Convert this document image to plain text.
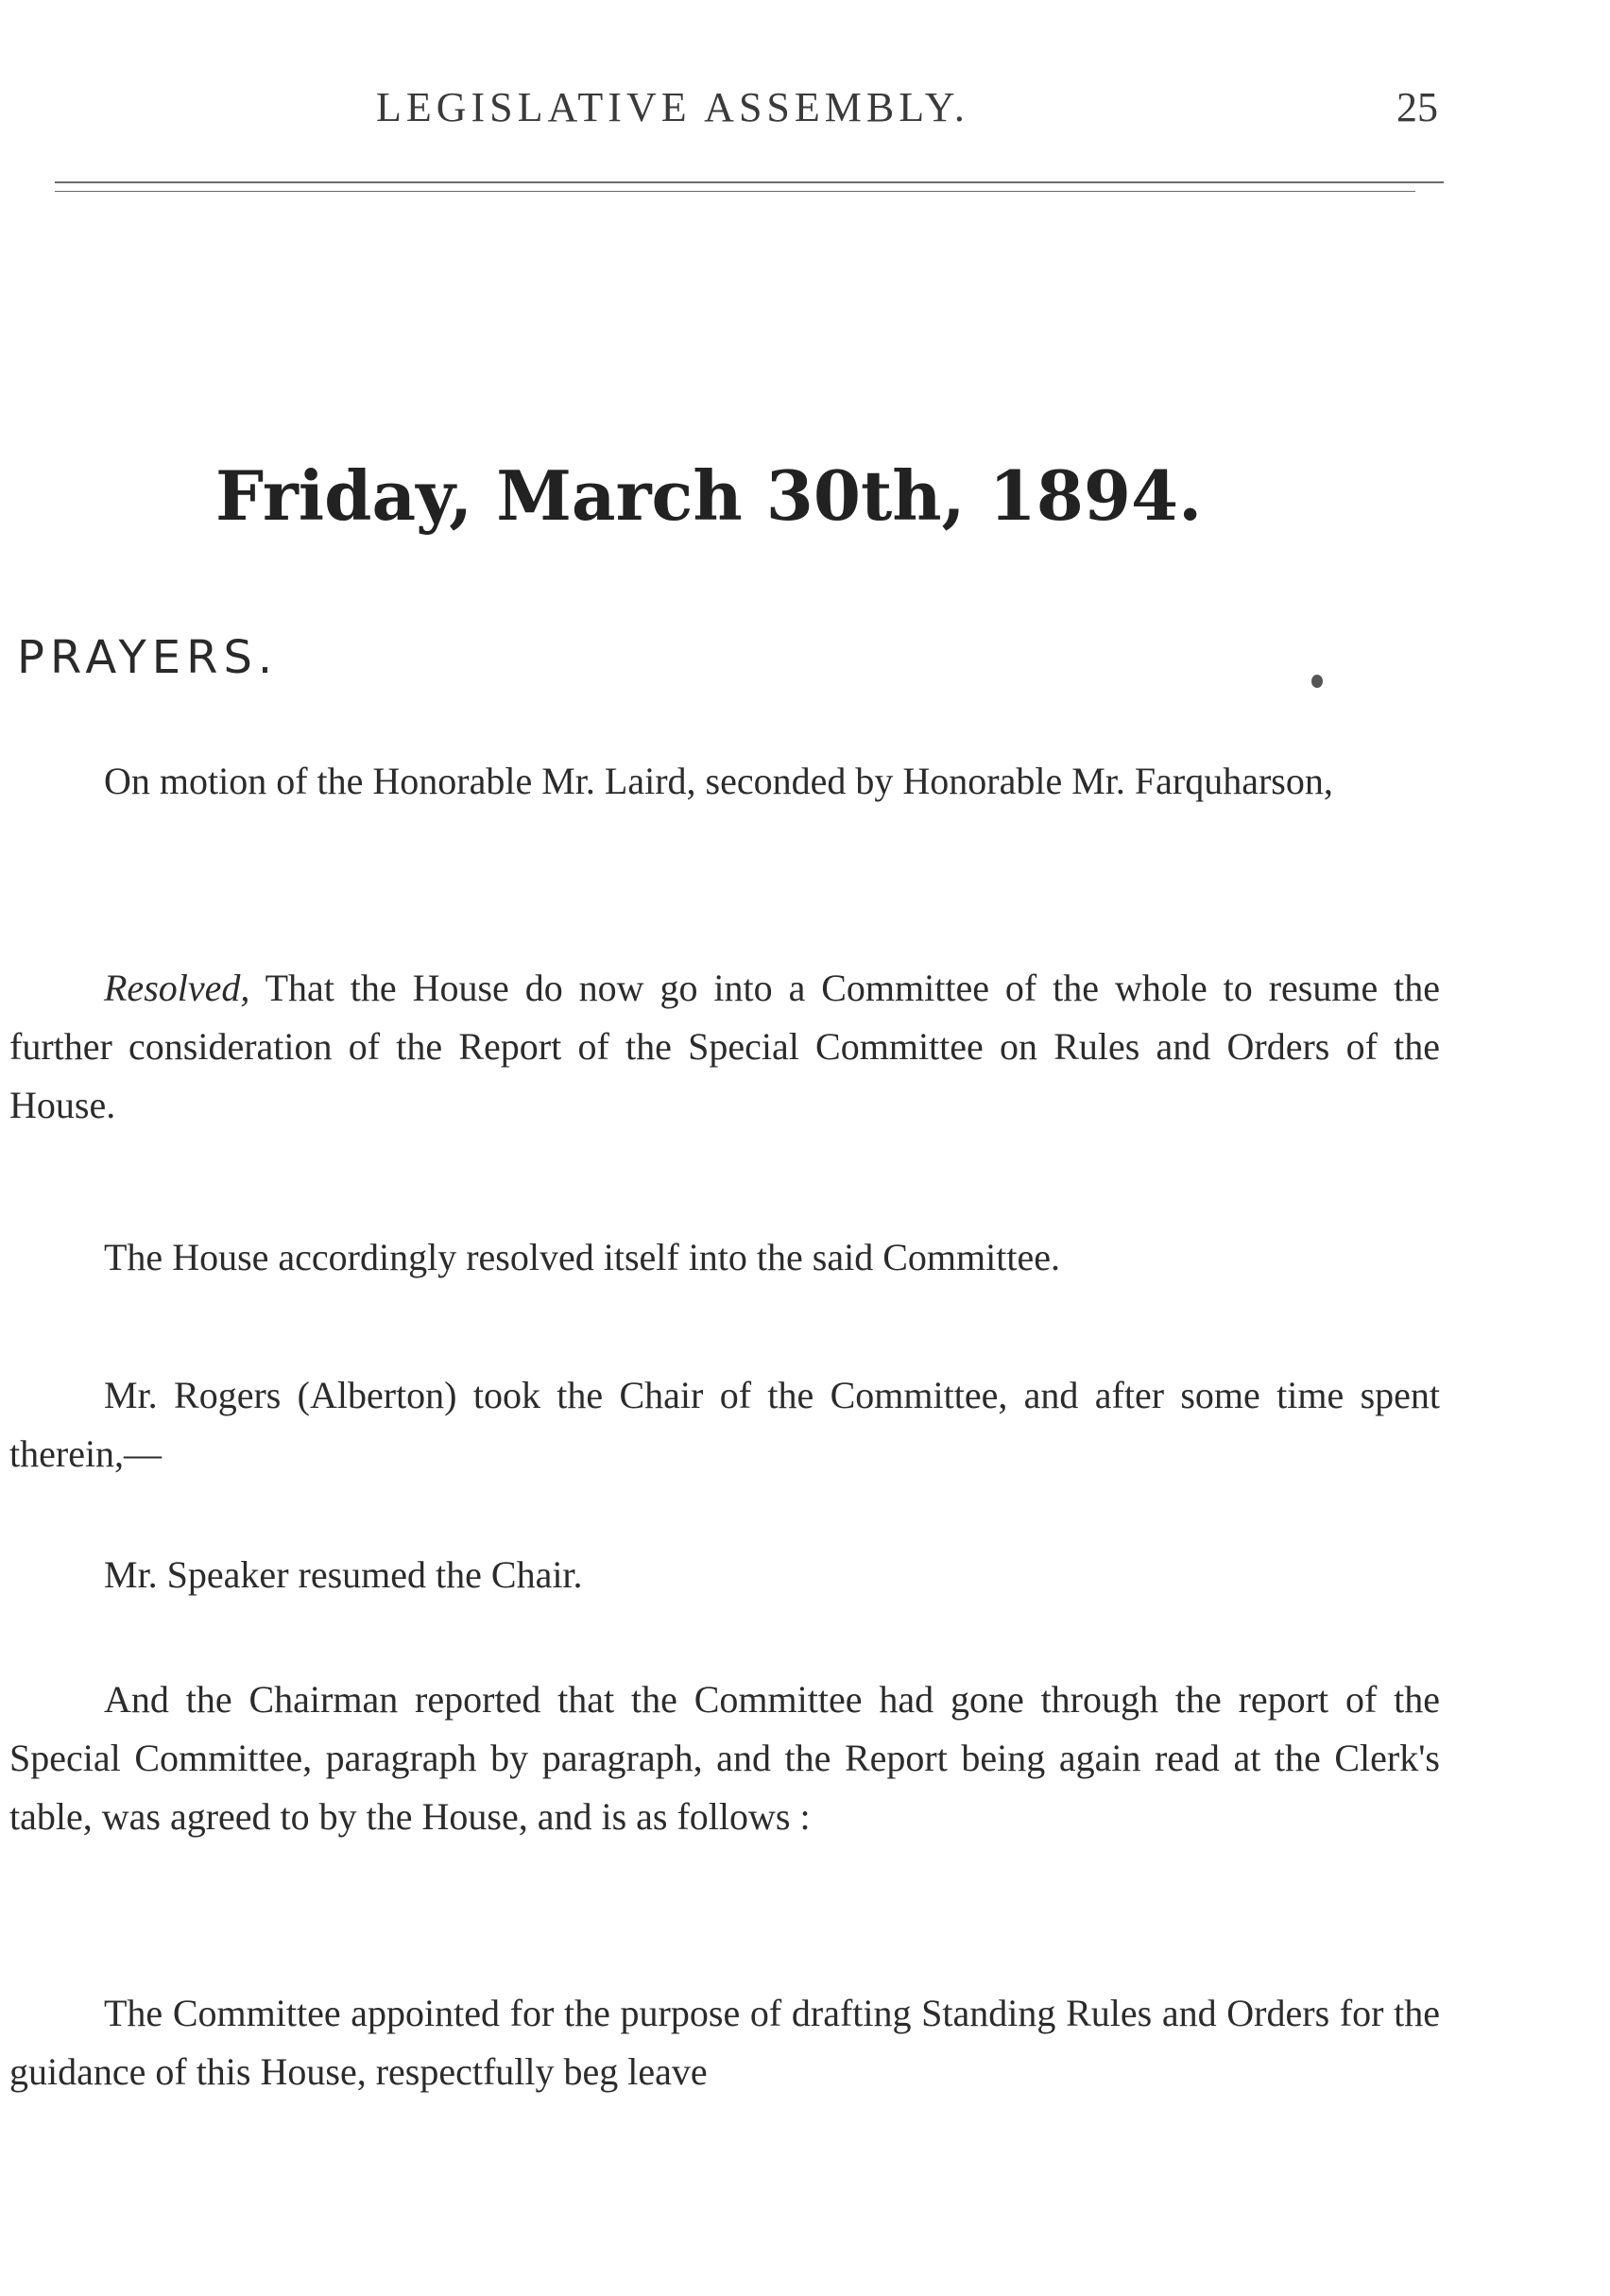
LEGISLATIVE ASSEMBLY.	25
Friday, March 30th, 1894.
PRAYERS.

On motion of the Honorable Mr. Laird, seconded by Honorable Mr. Farquharson,

Resolved, That the House do now go into a Committee of the whole to resume the further consideration of the Report of the Special Committee on Rules and Orders of the House.

The House accordingly resolved itself into the said Committee.

Mr. Rogers (Alberton) took the Chair of the Committee, and after some time spent therein,—

Mr. Speaker resumed the Chair.

And the Chairman reported that the Committee had gone through the report of the Special Committee, paragraph by paragraph, and the Report being again read at the Clerk's table, was agreed to by the House, and is as follows :

The Committee appointed for the purpose of drafting Standing Rules and Orders for the guidance of this House, respectfully beg leave
